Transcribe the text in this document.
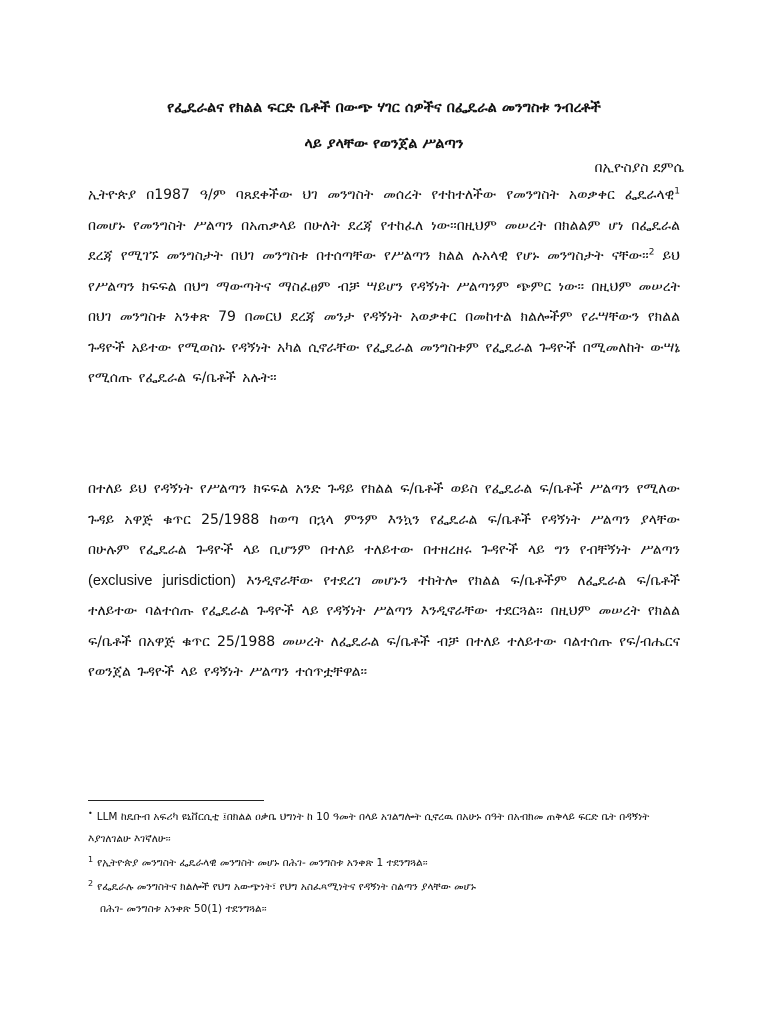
የፌዴራልና የክልል ፍርድ ቤቶች በውጭ ሃገር ሰዎችና በፌዴራል መንግስቱ ንብረቶች
ላይ ያላቸው የወንጀል ሥልጣን
በኢዮስያስ ደምሴ
ኢትዮጵያ በ1987 ዓ/ም ባጸደቀችው ህገ መንግስት መሰረት የተከተለችው የመንግስት አወቃቀር ፌዴራላዊ$^1$ በመሆኑ የመንግስት ሥልጣን በአጠቃላይ በሁለት ደረጃ የተከፈለ ነው፡፡በዚህም መሠረት በክልልም ሆነ በፌዴራል ደረጃ የሚገኙ መንግስታት በህገ መንግስቱ በተሰጣቸው የሥልጣን ክልል ሉአላዊ የሆኑ መንግስታት ናቸው፡፡$^2$ ይህ የሥልጣን ክፍፍል በህግ ማውጣትና ማስፈፀም ብቻ ሣይሆን የዳኝነት ሥልጣንም ጭምር ነው፡፡ በዚህም መሠረት በህገ መንግስቱ አንቀጽ 79 በመርህ ደረጃ መንታ የዳኝነት አወቃቀር በመከተል ክልሎችም የራሣቸውን የክልል ጉዳዮች አይተው የሚወስኑ የዳኝነት አካል ሲኖራቸው የፌዴራል መንግስቱም የፌዴራል ጉዳዮች በሚመለከት ውሣኔ የሚሰጡ የፌዴራል ፍ/ቤቶች አሉት፡፡
በተለይ ይህ የዳኝነት የሥልጣን ክፍፍል አንድ ጉዳይ የክልል ፍ/ቤቶች ወይስ የፌዴራል ፍ/ቤቶች ሥልጣን የሚለው ጉዳይ አዋጅ ቁጥር 25/1988 ከወጣ በኋላ ምንም እንኳን የፌዴራል ፍ/ቤቶች የዳኝነት ሥልጣን ያላቸው በሁሉም የፌዴራል ጉዳዮች ላይ ቢሆንም በተለይ ተለይተው በተዘረዘሩ ጉዳዮች ላይ ግን የብቸኝነት ሥልጣን (exclusive jurisdiction) እንዲኖራቸው የተደረገ መሆኑን ተከትሎ የክልል ፍ/ቤቶችም ለፌዴራል ፍ/ቤቶች ተለይተው ባልተሰጡ የፌዴራል ጉዳዮች ላይ የዳኝነት ሥልጣን እንዲኖራቸው ተደርጓል፡፡ በዚህም መሠረት የክልል ፍ/ቤቶች በአዋጅ ቁጥር 25/1988 መሠረት ለፌዴራል ፍ/ቤቶች ብቻ በተለይ ተለይተው ባልተሰጡ የፍ/ብሔርና የወንጀል ጉዳዮች ላይ የዳኝነት ሥልጣን ተሰጥቷቸዋል፡፡
• LLM ከዴቡብ አፍሪካ ዩኒቨርሲቲ ፤በክልል ዐቃቤ ህግነት ከ 10 ዓመት በላይ አገልግሎት ሲኖረዉ በአሁኑ ሰዓት በአብክመ ጠቅላይ ፍርድ ቤት በዳኝነት እያገለገልሁ እገኛለሁ፡፡
$^1$ የኢትዮጵያ መንግስት ፌዴራላዊ መንግስት መሆኑ በሕገ- መንግስቱ አንቀጽ 1 ተደንግጓል፡፡
$^2$ የፌዴራሉ መንግስትና ክልሎች የህግ አውጭነት፣ የህግ አስፈጻሚነትና የዳኝነት ስልጣን ያላቸው መሆኑ
በሕገ- መንግስቱ አንቀጽ 50(1) ተደንግጓል፡፡
